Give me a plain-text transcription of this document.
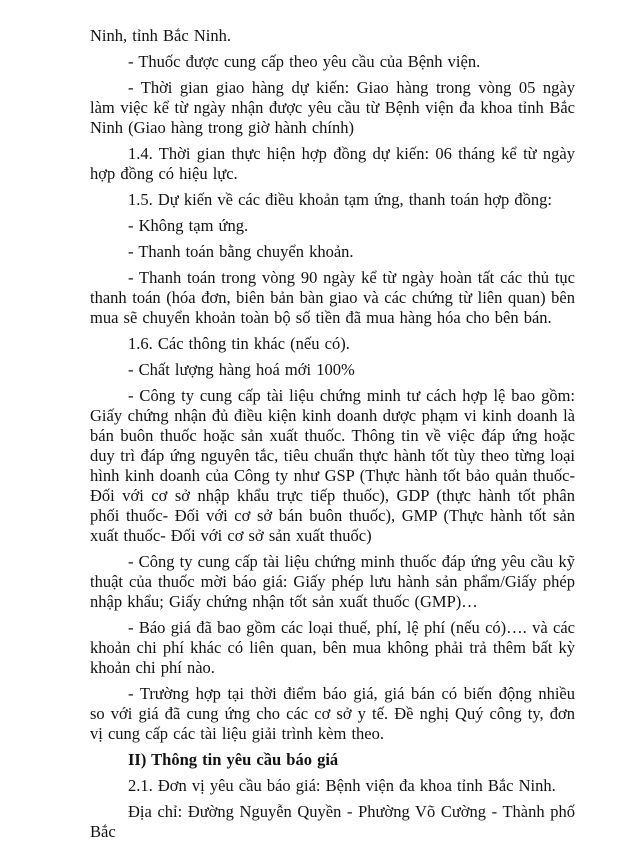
Ninh, tỉnh Bắc Ninh.

- Thuốc được cung cấp theo yêu cầu của Bệnh viện.

- Thời gian giao hàng dự kiến: Giao hàng trong vòng 05 ngày làm việc kể từ ngày nhận được yêu cầu từ Bệnh viện đa khoa tỉnh Bắc Ninh (Giao hàng trong giờ hành chính)

1.4. Thời gian thực hiện hợp đồng dự kiến: 06 tháng kể từ ngày hợp đồng có hiệu lực.

1.5. Dự kiến về các điều khoản tạm ứng, thanh toán hợp đồng:

- Không tạm ứng.

- Thanh toán bằng chuyển khoản.

- Thanh toán trong vòng 90 ngày kể từ ngày hoàn tất các thủ tục thanh toán (hóa đơn, biên bản bàn giao và các chứng từ liên quan) bên mua sẽ chuyển khoản toàn bộ số tiền đã mua hàng hóa cho bên bán.

1.6. Các thông tin khác (nếu có).

- Chất lượng hàng hoá mới 100%

- Công ty cung cấp tài liệu chứng minh tư cách hợp lệ bao gồm: Giấy chứng nhận đủ điều kiện kinh doanh dược phạm vi kinh doanh là bán buôn thuốc hoặc sản xuất thuốc. Thông tin về việc đáp ứng hoặc duy trì đáp ứng nguyên tắc, tiêu chuẩn thực hành tốt tùy theo từng loại hình kinh doanh của Công ty như GSP (Thực hành tốt bảo quản thuốc- Đối với cơ sở nhập khẩu trực tiếp thuốc), GDP (thực hành tốt phân phối thuốc- Đối với cơ sở bán buôn thuốc), GMP (Thực hành tốt sản xuất thuốc- Đối với cơ sở sản xuất thuốc)

- Công ty cung cấp tài liệu chứng minh thuốc đáp ứng yêu cầu kỹ thuật của thuốc mời báo giá: Giấy phép lưu hành sản phẩm/Giấy phép nhập khẩu; Giấy chứng nhận tốt sản xuất thuốc (GMP)…

- Báo giá đã bao gồm các loại thuế, phí, lệ phí (nếu có)…. và các khoản chi phí khác có liên quan, bên mua không phải trả thêm bất kỳ khoản chi phí nào.

- Trường hợp tại thời điểm báo giá, giá bán có biến động nhiều so với giá đã cung ứng cho các cơ sở y tế. Đề nghị Quý công ty, đơn vị cung cấp các tài liệu giải trình kèm theo.

II) Thông tin yêu cầu báo giá

2.1. Đơn vị yêu cầu báo giá: Bệnh viện đa khoa tỉnh Bắc Ninh.

Địa chỉ: Đường Nguyễn Quyền - Phường Võ Cường - Thành phố Bắc
